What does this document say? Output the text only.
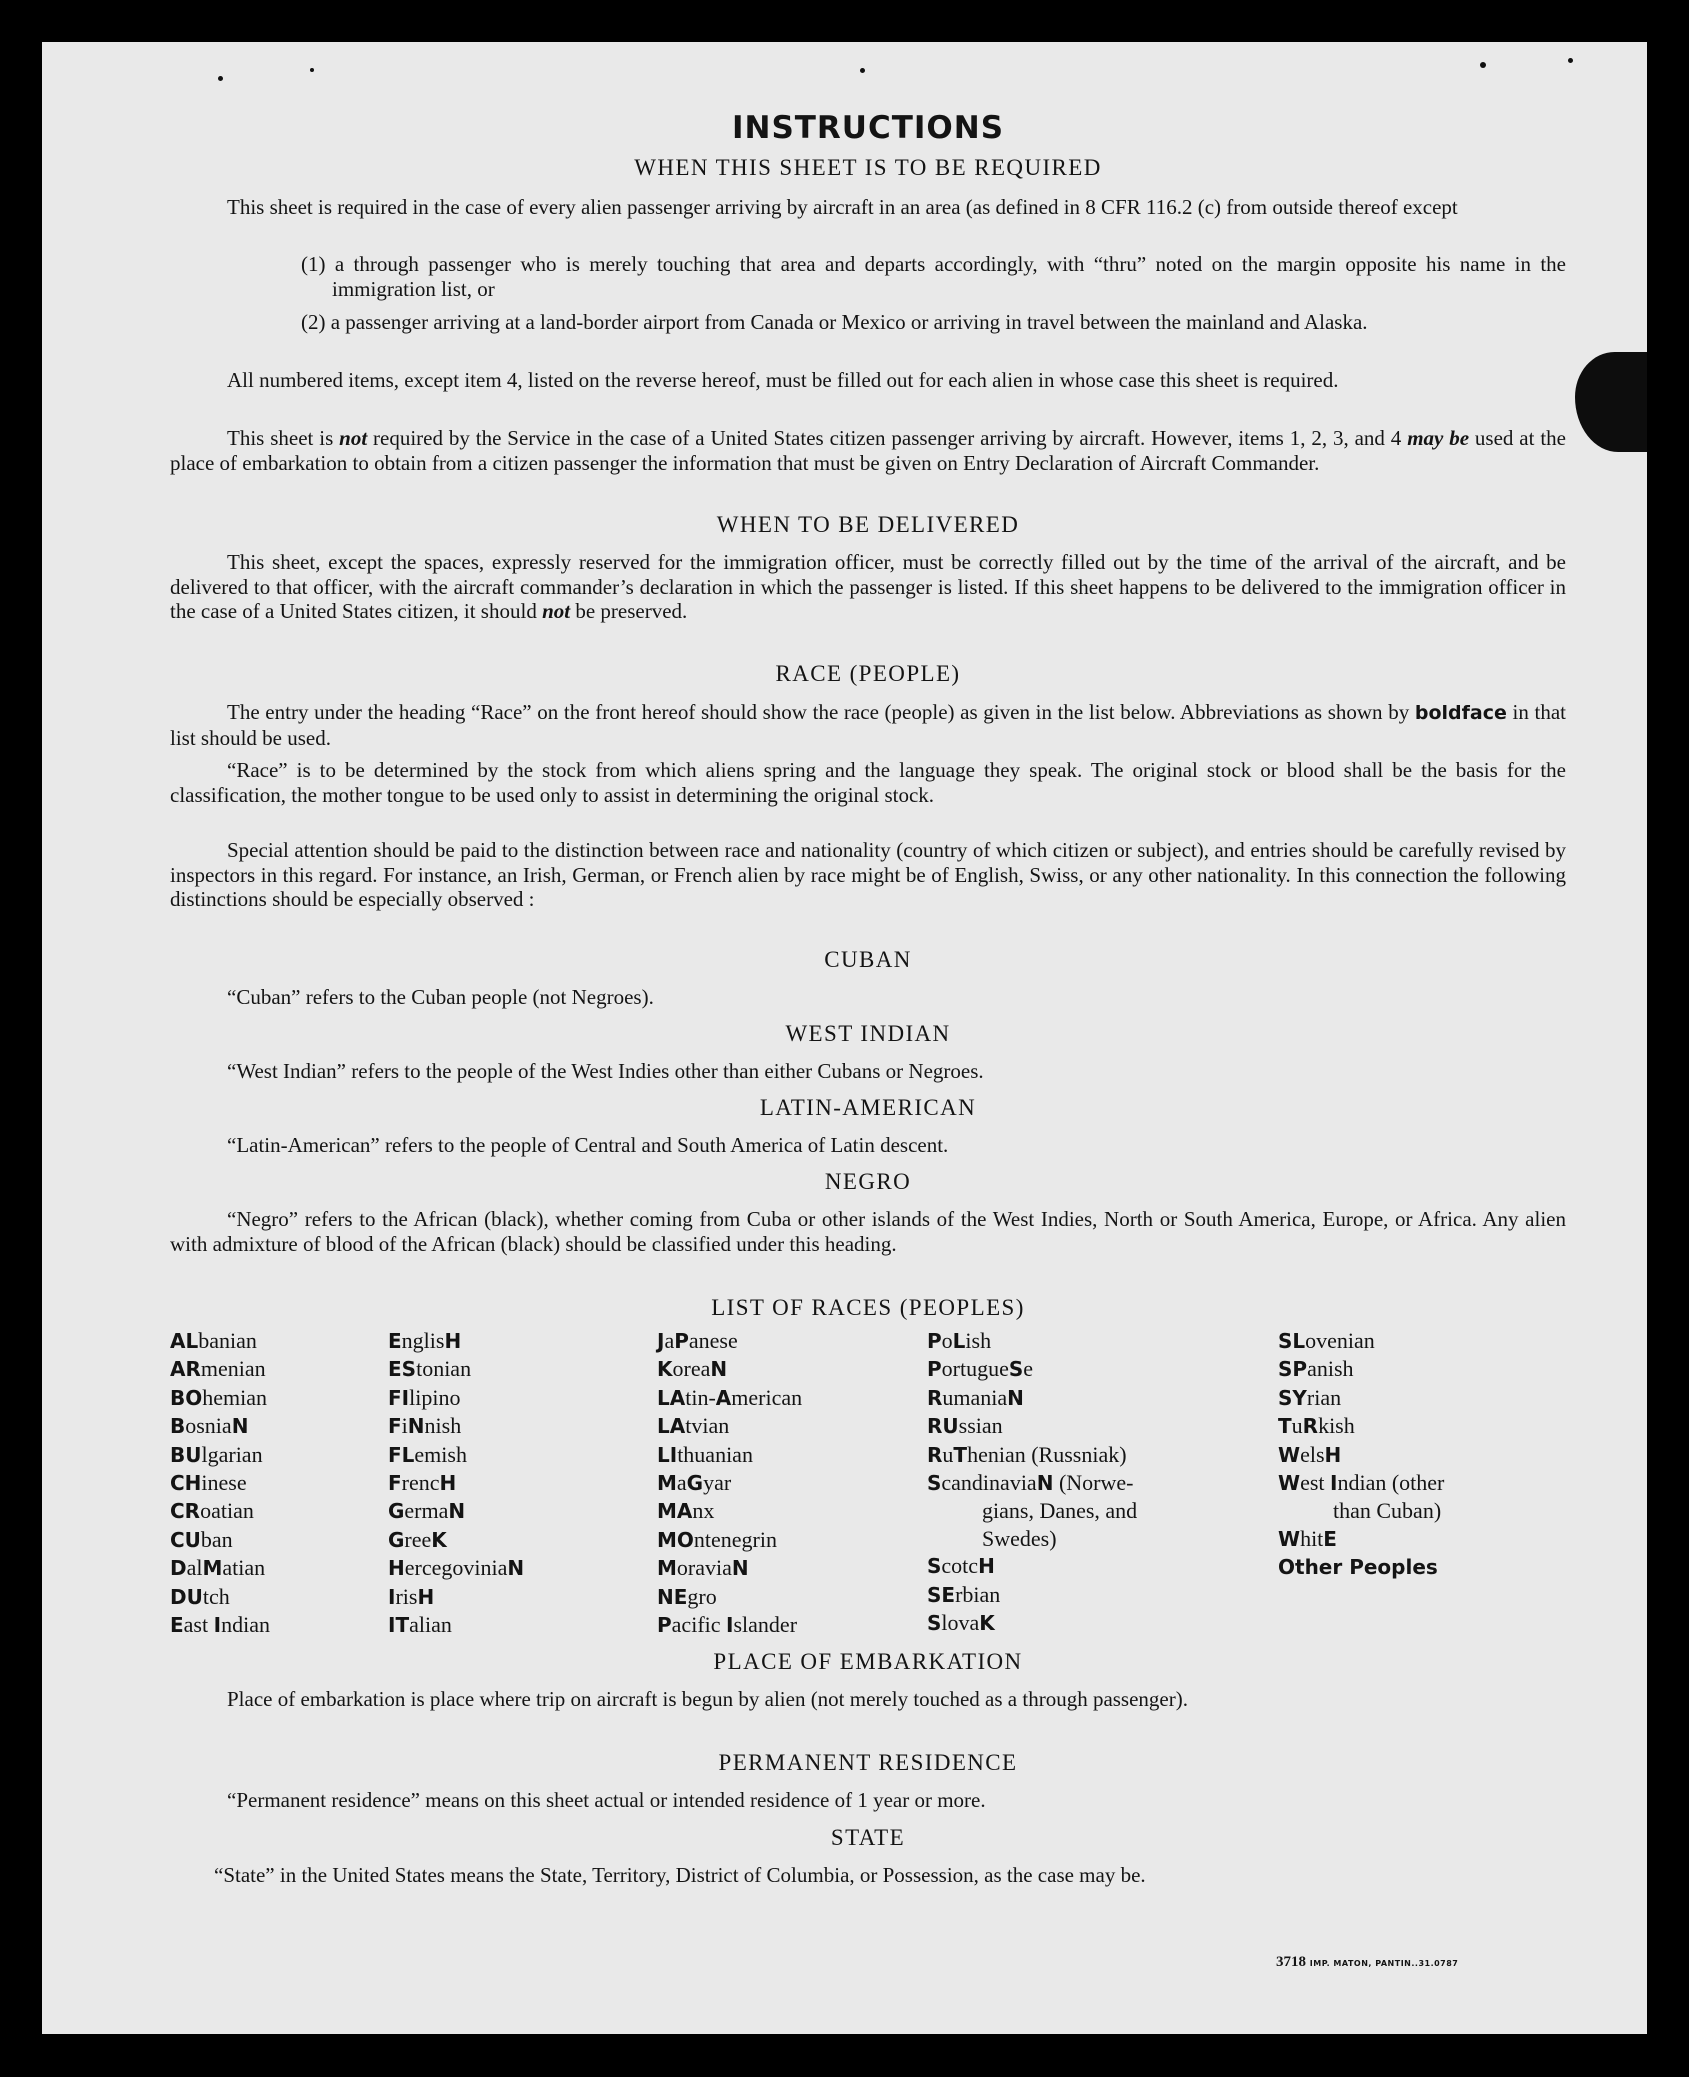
INSTRUCTIONS
WHEN THIS SHEET IS TO BE REQUIRED

This sheet is required in the case of every alien passenger arriving by aircraft in an area (as defined in 8 CFR 116.2 (c) from outside thereof except

(1) a through passenger who is merely touching that area and departs accordingly, with “thru” noted on the margin opposite his name in the immigration list, or

(2) a passenger arriving at a land-border airport from Canada or Mexico or arriving in travel between the mainland and Alaska.

All numbered items, except item 4, listed on the reverse hereof, must be filled out for each alien in whose case this sheet is required.

This sheet is not required by the Service in the case of a United States citizen passenger arriving by aircraft. However, items 1, 2, 3, and 4 may be used at the place of embarkation to obtain from a citizen passenger the information that must be given on Entry Declaration of Aircraft Commander.

WHEN TO BE DELIVERED

This sheet, except the spaces, expressly reserved for the immigration officer, must be correctly filled out by the time of the arrival of the aircraft, and be delivered to that officer, with the aircraft commander’s declaration in which the passenger is listed. If this sheet happens to be delivered to the immigration officer in the case of a United States citizen, it should not be preserved.

RACE (PEOPLE)

The entry under the heading “Race” on the front hereof should show the race (people) as given in the list below. Abbreviations as shown by boldface in that list should be used.

“Race” is to be determined by the stock from which aliens spring and the language they speak. The original stock or blood shall be the basis for the classification, the mother tongue to be used only to assist in determining the original stock.

Special attention should be paid to the distinction between race and nationality (country of which citizen or subject), and entries should be carefully revised by inspectors in this regard. For instance, an Irish, German, or French alien by race might be of English, Swiss, or any other nationality. In this connection the following distinctions should be especially observed :

CUBAN

“Cuban” refers to the Cuban people (not Negroes).

WEST INDIAN

“West Indian” refers to the people of the West Indies other than either Cubans or Negroes.

LATIN-AMERICAN

“Latin-American” refers to the people of Central and South America of Latin descent.

NEGRO

“Negro” refers to the African (black), whether coming from Cuba or other islands of the West Indies, North or South America, Europe, or Africa. Any alien with admixture of blood of the African (black) should be classified under this heading.

LIST OF RACES (PEOPLES)
ALbanian
ARmenian
BOhemian
BosniaN
BUlgarian
CHinese
CRoatian
CUban
DalMatian
DUtch
East Indian
EnglisH
EStonian
FIlipino
FiNnish
FLemish
FrencH
GermaN
GreeK
HercegoviniaN
IrisH
ITalian
JaPanese
KoreaN
LAtin-American
LAtvian
LIthuanian
MaGyar
MAnx
MOntenegrin
MoraviaN
NEgro
Pacific Islander
PoLish
PortugueSe
RumaniaN
RUssian
RuThenian (Russniak)
ScandinaviaN (Norwe-
gians, Danes, and
Swedes)
ScotcH
SErbian
SlovaK
SLovenian
SPanish
SYrian
TuRkish
WelsH
West Indian (other
than Cuban)
WhitE
Other Peoples
PLACE OF EMBARKATION

Place of embarkation is place where trip on aircraft is begun by alien (not merely touched as a through passenger).

PERMANENT RESIDENCE

“Permanent residence” means on this sheet actual or intended residence of 1 year or more.

STATE

“State” in the United States means the State, Territory, District of Columbia, or Possession, as the case may be.

3718 IMP. MATON, PANTIN..31.0787
